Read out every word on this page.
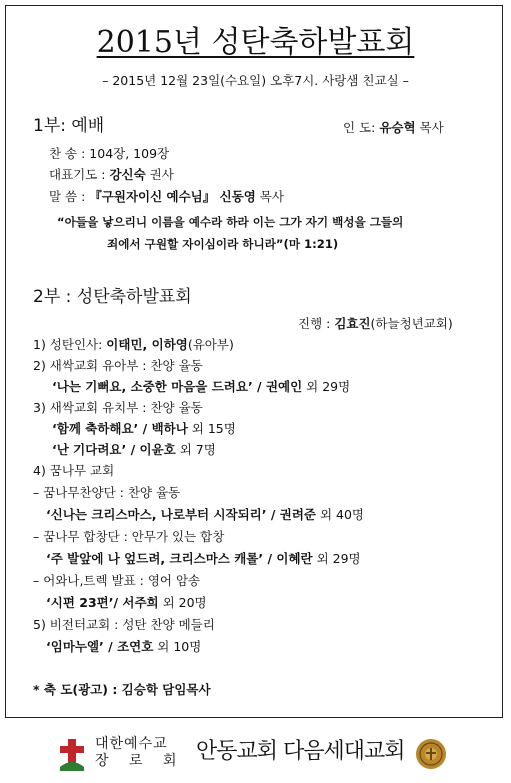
2015년 성탄축하발표회
– 2015년 12월 23일(수요일) 오후7시. 사랑샘 친교실 –
1부: 예배	인 도: 유승혁 목사
찬 송 : 104장, 109장
대표기도 : 강신숙 권사
말 씀 : 『구원자이신 예수님』 신동영 목사
“아들을 낳으리니 이름을 예수라 하라 이는 그가 자기 백성을 그들의
죄에서 구원할 자이심이라 하니라”(마 1:21)
2부 : 성탄축하발표회
진행 : 김효진(하늘청년교회)
1) 성탄인사: 이태민, 이하영(유아부)
2) 새싹교회 유아부 : 찬양 율동
‘나는 기뻐요, 소중한 마음을 드려요’ / 권예인 외 29명
3) 새싹교회 유치부 : 찬양 율동
‘함께 축하해요’ / 백하나 외 15명
‘난 기다려요’ / 이윤호 외 7명
4) 꿈나무 교회
– 꿈나무찬양단 : 찬양 율동
‘신나는 크리스마스, 나로부터 시작되리’ / 권려준 외 40명
– 꿈나무 합창단 : 안무가 있는 합창
‘주 발앞에 나 엎드려, 크리스마스 캐롤’ / 이혜란 외 29명
– 어와나,트렉 발표 : 영어 암송
‘시편 23편’/ 서주희 외 20명
5) 비전터교회 : 성탄 찬양 메들리
‘임마누엘’ / 조연호 외 10명
* 축 도(광고) : 김승학 담임목사
대한예수교
장 로 회 안동교회 다음세대교회
